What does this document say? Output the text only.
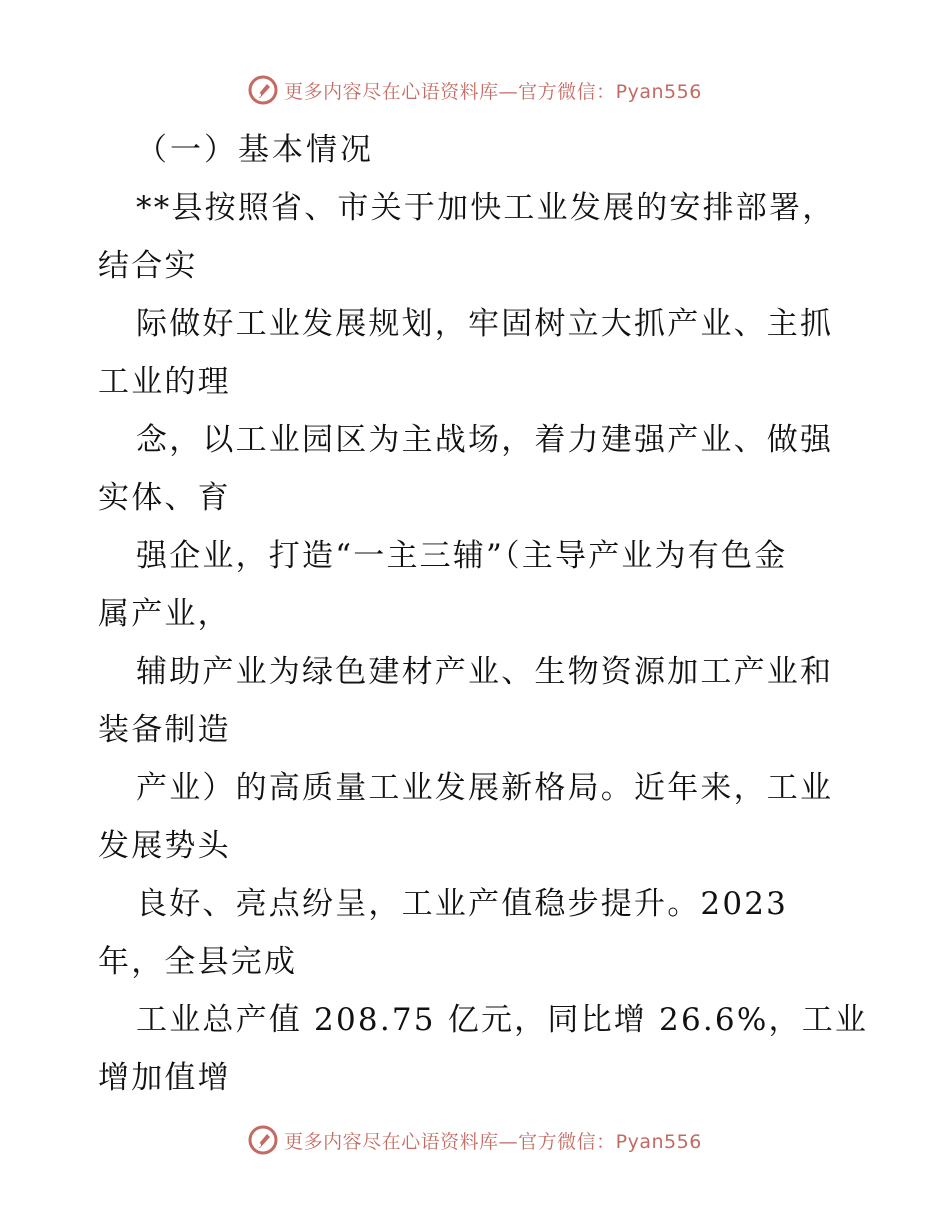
更多内容尽在心语资料库—官方微信：Pyan556
（一）基本情况
**县按照省、市关于加快工业发展的安排部署，
结合实
际做好工业发展规划，牢固树立大抓产业、主抓
工业的理
念，以工业园区为主战场，着力建强产业、做强
实体、育
强企业，打造“一主三辅”（主导产业为有色金
属产业，
辅助产业为绿色建材产业、生物资源加工产业和
装备制造
产业）的高质量工业发展新格局。近年来，工业
发展势头
良好、亮点纷呈，工业产值稳步提升。2023
年，全县完成
工业总产值 208.75 亿元，同比增 26.6%，工业
增加值增
更多内容尽在心语资料库—官方微信：Pyan556
